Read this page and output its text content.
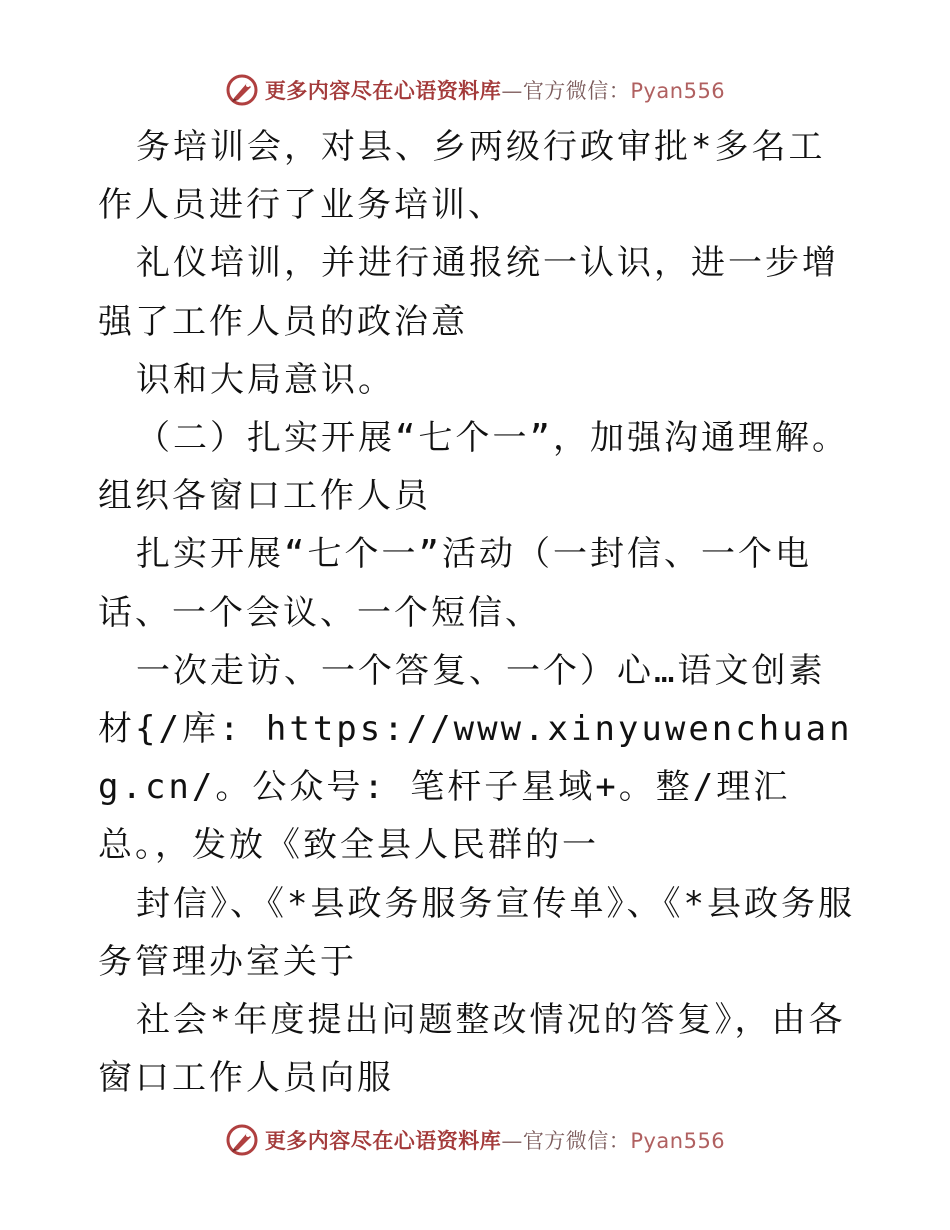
更多内容尽在心语资料库—官方微信：Pyan556

务培训会，对县、乡两级行政审批*多名工作人员进行了业务培训、

礼仪培训，并进行通报统一认识，进一步增强了工作人员的政治意

识和大局意识。

（二）扎实开展“七个一”，加强沟通理解。组织各窗口工作人员

扎实开展“七个一”活动（一封信、一个电话、一个会议、一个短信、

一次走访、一个答复、一个）心…语文创素材{/库: https://www.xinyuwenchuang.cn/。公众号: 笔杆子星域+。整/理汇总。，发放《致全县人民群的一

封信》、《*县政务服务宣传单》、《*县政务服务管理办室关于

社会*年度提出问题整改情况的答复》，由各窗口工作人员向服

更多内容尽在心语资料库—官方微信：Pyan556
